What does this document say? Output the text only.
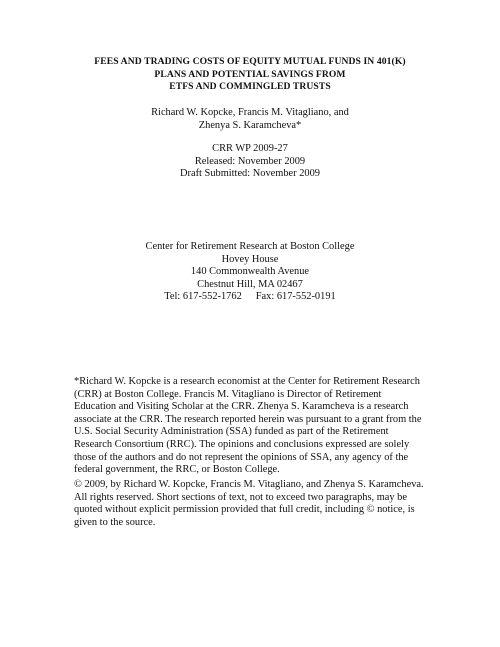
FEES AND TRADING COSTS OF EQUITY MUTUAL FUNDS IN 401(K)
PLANS AND POTENTIAL SAVINGS FROM
ETFS AND COMMINGLED TRUSTS
Richard W. Kopcke, Francis M. Vitagliano, and
Zhenya S. Karamcheva*
CRR WP 2009-27
Released: November 2009
Draft Submitted: November 2009
Center for Retirement Research at Boston College
Hovey House
140 Commonwealth Avenue
Chestnut Hill, MA 02467
Tel: 617-552-1762 Fax: 617-552-0191
*Richard W. Kopcke is a research economist at the Center for Retirement Research
(CRR) at Boston College. Francis M. Vitagliano is Director of Retirement
Education and Visiting Scholar at the CRR. Zhenya S. Karamcheva is a research
associate at the CRR. The research reported herein was pursuant to a grant from the
U.S. Social Security Administration (SSA) funded as part of the Retirement
Research Consortium (RRC). The opinions and conclusions expressed are solely
those of the authors and do not represent the opinions of SSA, any agency of the
federal government, the RRC, or Boston College.
© 2009, by Richard W. Kopcke, Francis M. Vitagliano, and Zhenya S. Karamcheva.
All rights reserved. Short sections of text, not to exceed two paragraphs, may be
quoted without explicit permission provided that full credit, including © notice, is
given to the source.
